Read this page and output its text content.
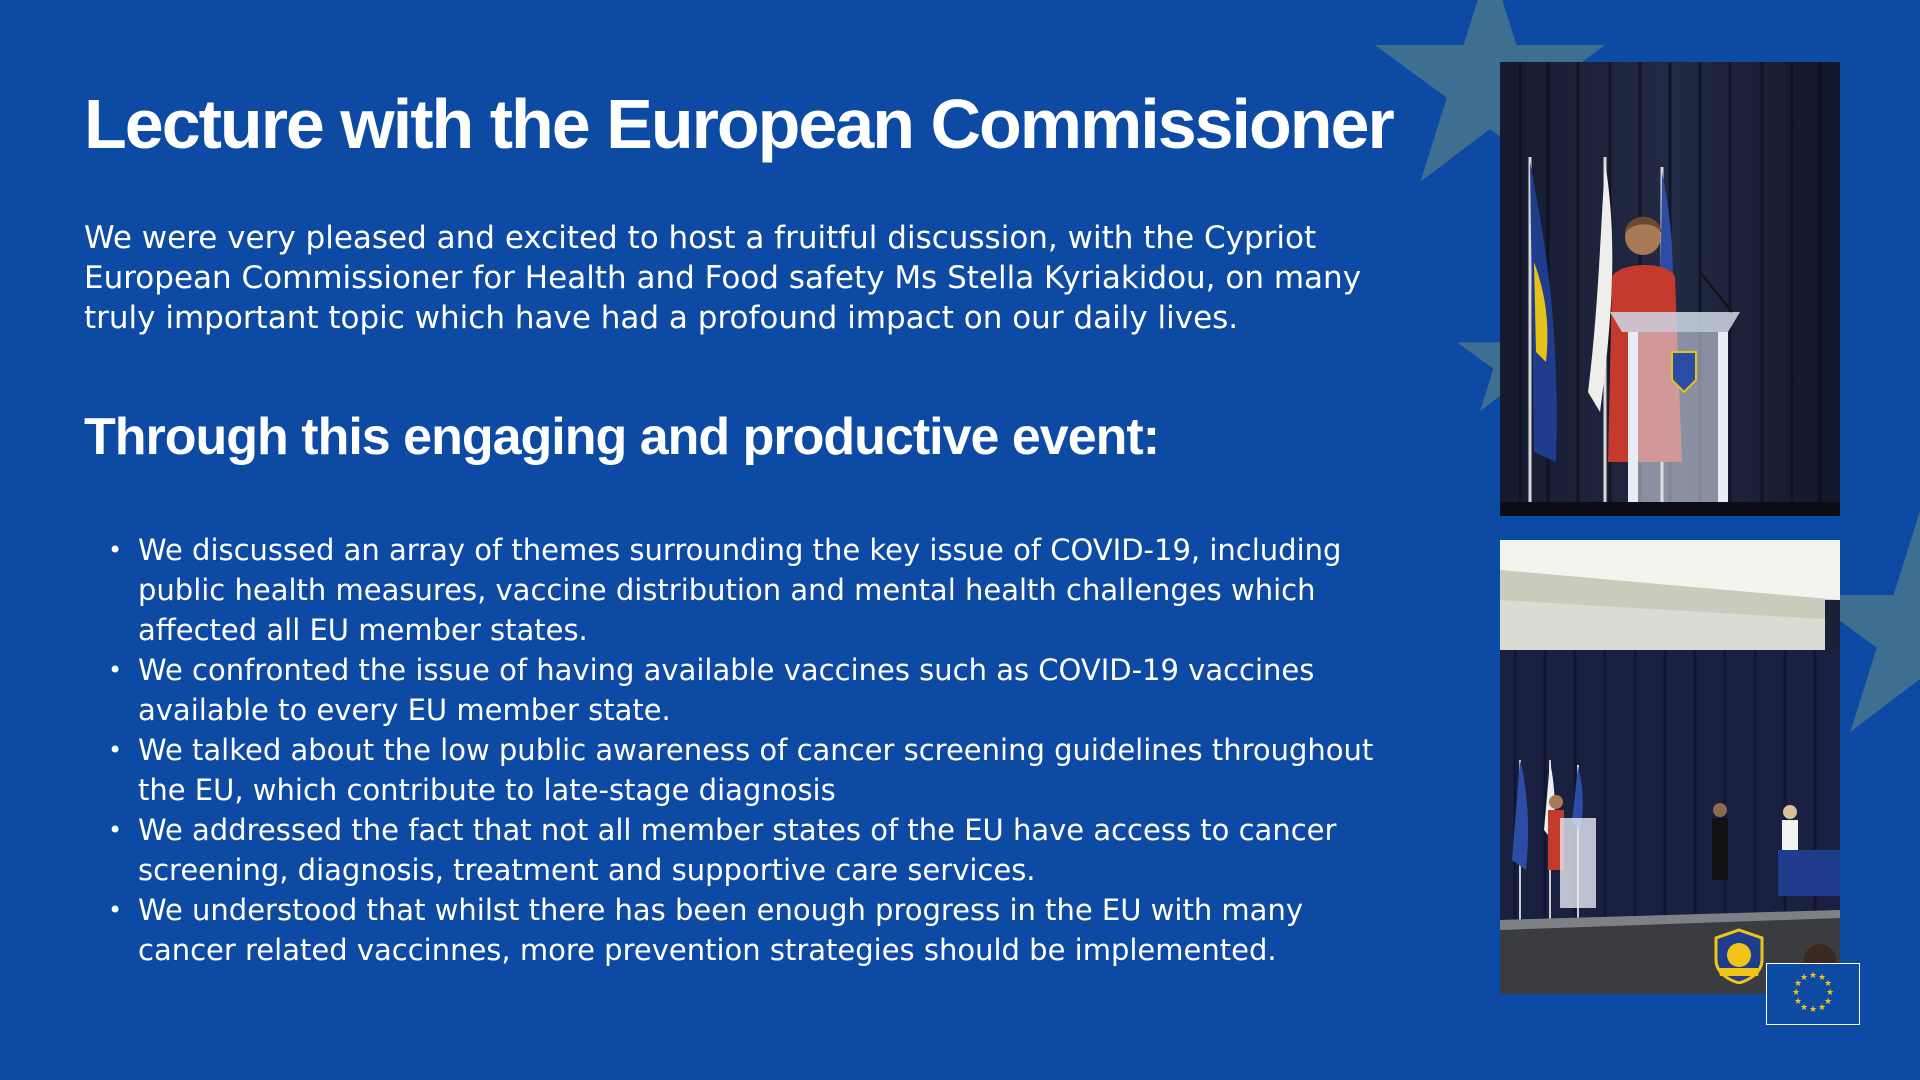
Lecture with the European Commissioner

We were very pleased and excited to host a fruitful discussion, with the Cypriot European Commissioner for Health and Food safety Ms Stella Kyriakidou, on many truly important topic which have had a profound impact on our daily lives.

Through this engaging and productive event:
• We discussed an array of themes surrounding the key issue of COVID-19, including public health measures, vaccine distribution and mental health challenges which affected all EU member states.
• We confronted the issue of having available vaccines such as COVID-19 vaccines available to every EU member state.
• We talked about the low public awareness of cancer screening guidelines throughout the EU, which contribute to late-stage diagnosis
• We addressed the fact that not all member states of the EU have access to cancer screening, diagnosis, treatment and supportive care services.
• We understood that whilst there has been enough progress in the EU with many cancer related vaccinnes, more prevention strategies should be implemented.
★ ★
★
★
★
★
★
★
★
★
★
★
